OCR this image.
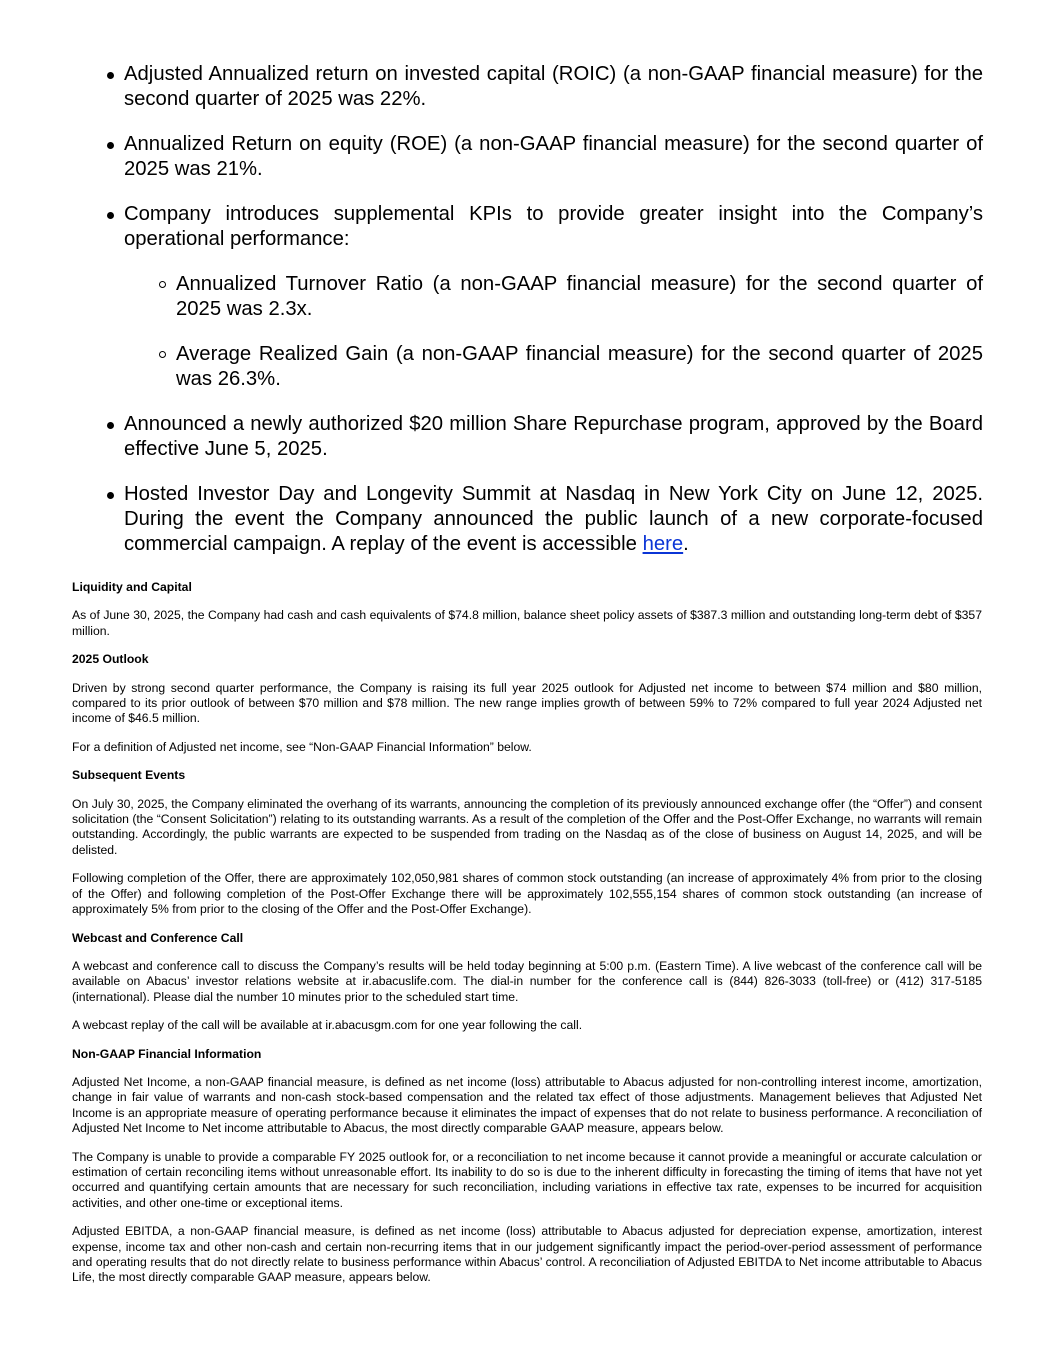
Adjusted Annualized return on invested capital (ROIC) (a non-GAAP financial measure) for the second quarter of 2025 was 22%.
Annualized Return on equity (ROE) (a non-GAAP financial measure) for the second quarter of 2025 was 21%.
Company introduces supplemental KPIs to provide greater insight into the Company’s operational performance:
Annualized Turnover Ratio (a non-GAAP financial measure) for the second quarter of 2025 was 2.3x.
Average Realized Gain (a non-GAAP financial measure) for the second quarter of 2025 was 26.3%.
Announced a newly authorized $20 million Share Repurchase program, approved by the Board effective June 5, 2025.
Hosted Investor Day and Longevity Summit at Nasdaq in New York City on June 12, 2025. During the event the Company announced the public launch of a new corporate-focused commercial campaign. A replay of the event is accessible here.
Liquidity and Capital

As of June 30, 2025, the Company had cash and cash equivalents of $74.8 million, balance sheet policy assets of $387.3 million and outstanding long-term debt of $357 million.

2025 Outlook

Driven by strong second quarter performance, the Company is raising its full year 2025 outlook for Adjusted net income to between $74 million and $80 million, compared to its prior outlook of between $70 million and $78 million. The new range implies growth of between 59% to 72% compared to full year 2024 Adjusted net income of $46.5 million.

For a definition of Adjusted net income, see “Non-GAAP Financial Information” below.

Subsequent Events

On July 30, 2025, the Company eliminated the overhang of its warrants, announcing the completion of its previously announced exchange offer (the “Offer”) and consent solicitation (the “Consent Solicitation”) relating to its outstanding warrants. As a result of the completion of the Offer and the Post-Offer Exchange, no warrants will remain outstanding. Accordingly, the public warrants are expected to be suspended from trading on the Nasdaq as of the close of business on August 14, 2025, and will be delisted.

Following completion of the Offer, there are approximately 102,050,981 shares of common stock outstanding (an increase of approximately 4% from prior to the closing of the Offer) and following completion of the Post-Offer Exchange there will be approximately 102,555,154 shares of common stock outstanding (an increase of approximately 5% from prior to the closing of the Offer and the Post-Offer Exchange).

Webcast and Conference Call

A webcast and conference call to discuss the Company’s results will be held today beginning at 5:00 p.m. (Eastern Time). A live webcast of the conference call will be available on Abacus’ investor relations website at ir.abacuslife.com. The dial-in number for the conference call is (844) 826-3033 (toll-free) or (412) 317-5185 (international). Please dial the number 10 minutes prior to the scheduled start time.

A webcast replay of the call will be available at ir.abacusgm.com for one year following the call.

Non-GAAP Financial Information

Adjusted Net Income, a non-GAAP financial measure, is defined as net income (loss) attributable to Abacus adjusted for non-controlling interest income, amortization, change in fair value of warrants and non-cash stock-based compensation and the related tax effect of those adjustments. Management believes that Adjusted Net Income is an appropriate measure of operating performance because it eliminates the impact of expenses that do not relate to business performance. A reconciliation of Adjusted Net Income to Net income attributable to Abacus, the most directly comparable GAAP measure, appears below.

The Company is unable to provide a comparable FY 2025 outlook for, or a reconciliation to net income because it cannot provide a meaningful or accurate calculation or estimation of certain reconciling items without unreasonable effort. Its inability to do so is due to the inherent difficulty in forecasting the timing of items that have not yet occurred and quantifying certain amounts that are necessary for such reconciliation, including variations in effective tax rate, expenses to be incurred for acquisition activities, and other one-time or exceptional items.

Adjusted EBITDA, a non-GAAP financial measure, is defined as net income (loss) attributable to Abacus adjusted for depreciation expense, amortization, interest expense, income tax and other non-cash and certain non-recurring items that in our judgement significantly impact the period-over-period assessment of performance and operating results that do not directly relate to business performance within Abacus’ control. A reconciliation of Adjusted EBITDA to Net income attributable to Abacus Life, the most directly comparable GAAP measure, appears below.
